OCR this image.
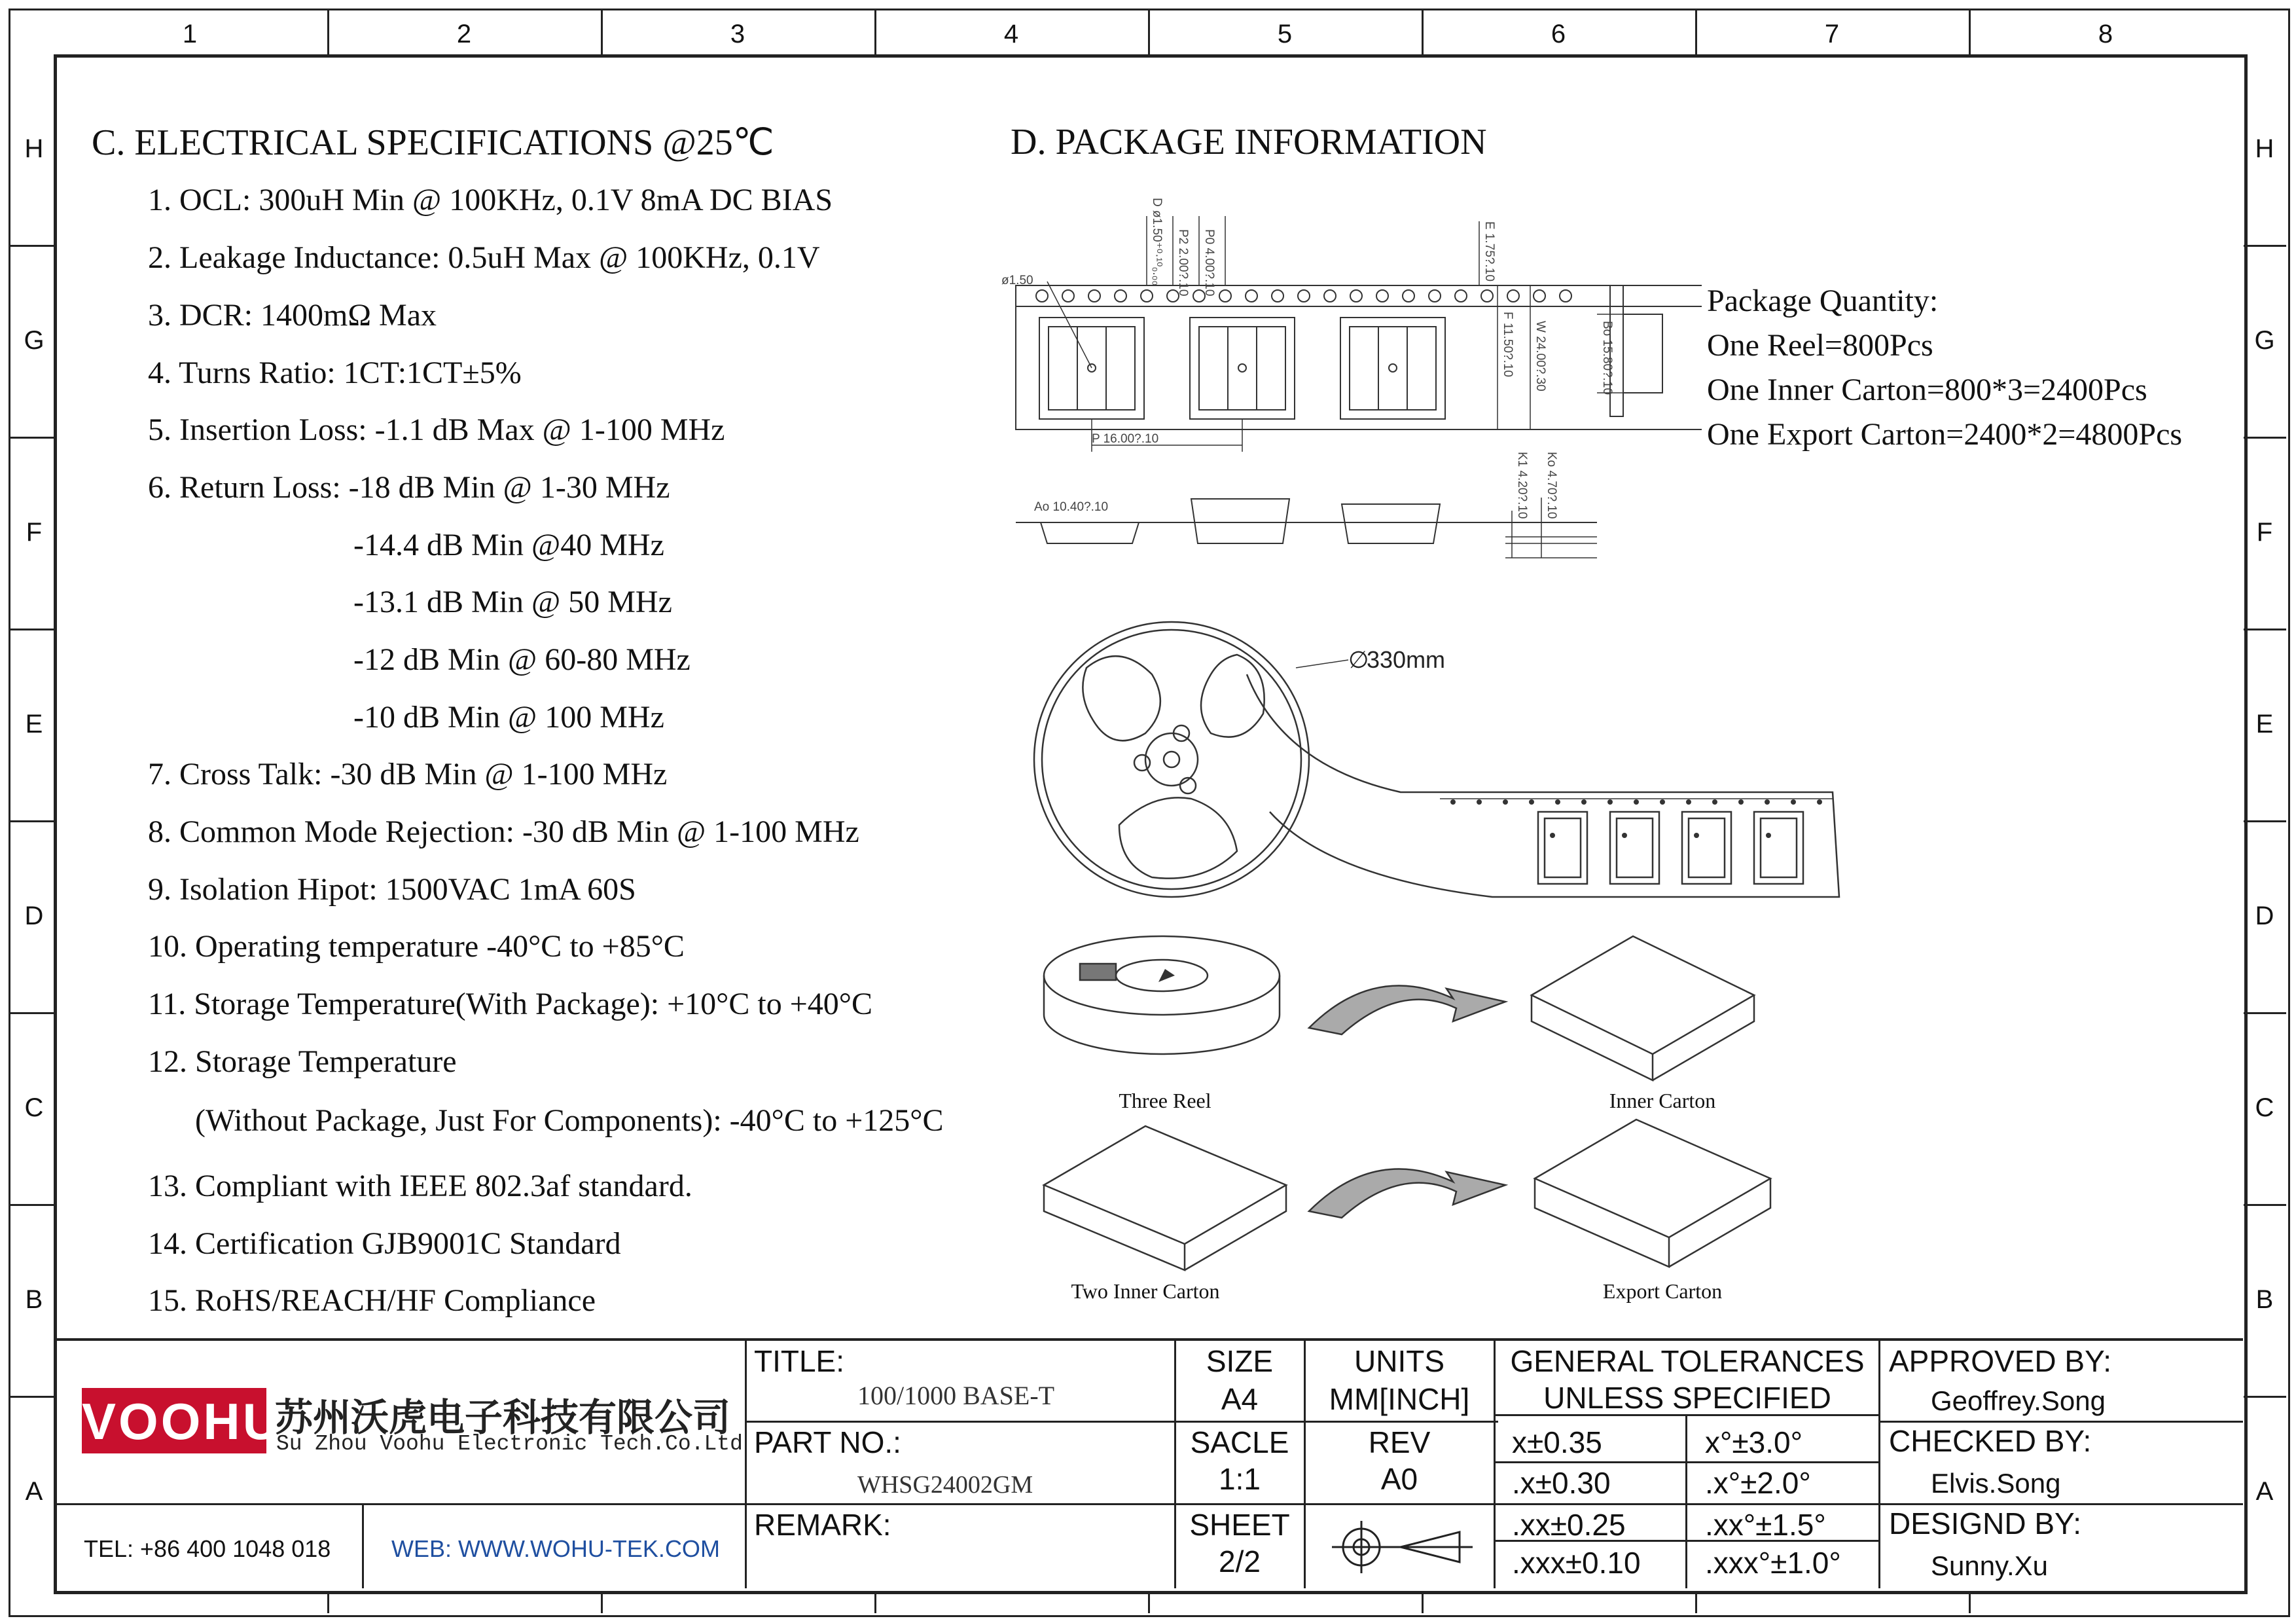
1	2	3	4	5	6	7	8
H
G
F
E
D
C
B
A
H
G
F
E
D
C
B
A
C. ELECTRICAL SPECIFICATIONS @25℃
1. OCL: 300uH Min @ 100KHz, 0.1V 8mA DC BIAS
2. Leakage Inductance: 0.5uH Max @ 100KHz, 0.1V
3. DCR: 1400mΩ Max
4. Turns Ratio: 1CT:1CT±5%
5. Insertion Loss: -1.1 dB Max @ 1-100 MHz
6. Return Loss: -18 dB Min @ 1-30 MHz
-14.4 dB Min @40 MHz
-13.1 dB Min @ 50 MHz
-12 dB Min @ 60-80 MHz
-10 dB Min @ 100 MHz
7. Cross Talk: -30 dB Min @ 1-100 MHz
8. Common Mode Rejection: -30 dB Min @ 1-100 MHz
9. Isolation Hipot: 1500VAC 1mA 60S
10. Operating temperature -40°C to +85°C
11. Storage Temperature(With Package): +10°C to +40°C
12. Storage Temperature
(Without Package, Just For Components): -40°C to +125°C
13. Compliant with IEEE 802.3af standard.
14. Certification GJB9001C Standard
15. RoHS/REACH/HF Compliance
D. PACKAGE INFORMATION
ø1.50
P 16.00?.10
Ao 10.40?.10
D ø1.50⁺⁰·¹⁰₀.₀₀ P2 2.00?.10 P0 4.00?.10	E 1.75?.10
F 11.50?.10 W 24.00?.30	Bo 15.80?.10
K1 4.20?.10 Ko 4.70?.10
Package Quantity:
One Reel=800Pcs
One Inner Carton=800*3=2400Pcs
One Export Carton=2400*2=4800Pcs
∅
330mm
Three Reel	Inner Carton
Two Inner Carton	Export Carton
VOOHU
苏州沃虎电子科技有限公司
Su Zhou Voohu Electronic Tech.Co.Ltd
TEL: +86 400 1048 018	WEB: WWW.WOHU-TEK.COM
TITLE:
100/1000 BASE-T
PART NO.:
WHSG24002GM
REMARK:
SIZE
A4
SACLE
1:1
SHEET
2/2
UNITS
MM[INCH]
REV
A0
GENERAL TOLERANCES
UNLESS SPECIFIED
x±0.35	x°±3.0°
.x±0.30	.x°±2.0°
.xx±0.25	.xx°±1.5°
.xxx±0.10 .xxx°±1.0°
APPROVED BY:
Geoffrey.Song
CHECKED BY:
Elvis.Song
DESIGND BY:
Sunny.Xu
